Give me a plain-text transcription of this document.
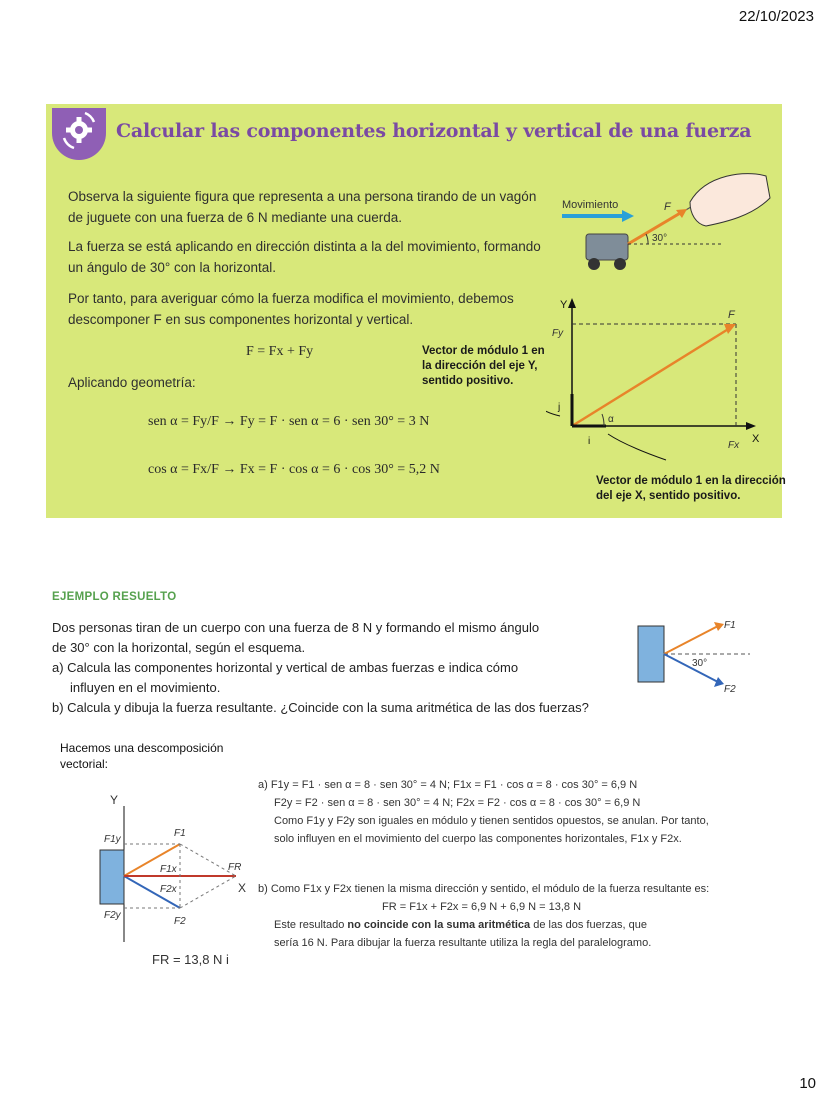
22/10/2023
Calcular las componentes horizontal y vertical de una fuerza
Observa la siguiente figura que representa a una persona tirando de un vagón
de juguete con una fuerza de 6 N mediante una cuerda.
La fuerza se está aplicando en dirección distinta a la del movimiento, formando
un ángulo de 30° con la horizontal.
Por tanto, para averiguar cómo la fuerza modifica el movimiento, debemos
descomponer F en sus componentes horizontal y vertical.
F = Fx + Fy
Aplicando geometría:
sen α = Fy/F → Fy = F · sen α = 6 · sen 30° = 3 N
cos α = Fx/F → Fx = F · cos α = 6 · cos 30° = 5,2 N
Movimiento	F
30°
Y
X
F
Fy
Fx
j
i
α
Vector de módulo 1 en
la dirección del eje Y,
sentido positivo.
Vector de módulo 1 en la dirección
del eje X, sentido positivo.
EJEMPLO RESUELTO
Dos personas tiran de un cuerpo con una fuerza de 8 N y formando el mismo ángulo
de 30° con la horizontal, según el esquema.
a) Calcula las componentes horizontal y vertical de ambas fuerzas e indica cómo
influyen en el movimiento.
b) Calcula y dibuja la fuerza resultante. ¿Coincide con la suma aritmética de las dos fuerzas?
F1
F2
30°
Hacemos una descomposición
vectorial:
Y
X
F1y
F1
F1x	FR
F2x
F2y
F2
FR = 13,8 N i
a) F1y = F1 · sen α = 8 · sen 30° = 4 N; F1x = F1 · cos α = 8 · cos 30° = 6,9 N
F2y = F2 · sen α = 8 · sen 30° = 4 N; F2x = F2 · cos α = 8 · cos 30° = 6,9 N
Como F1y y F2y son iguales en módulo y tienen sentidos opuestos, se anulan. Por tanto,
solo influyen en el movimiento del cuerpo las componentes horizontales, F1x y F2x.
b) Como F1x y F2x tienen la misma dirección y sentido, el módulo de la fuerza resultante es:
FR = F1x + F2x = 6,9 N + 6,9 N = 13,8 N
Este resultado no coincide con la suma aritmética de las dos fuerzas, que
sería 16 N. Para dibujar la fuerza resultante utiliza la regla del paralelogramo.
10
